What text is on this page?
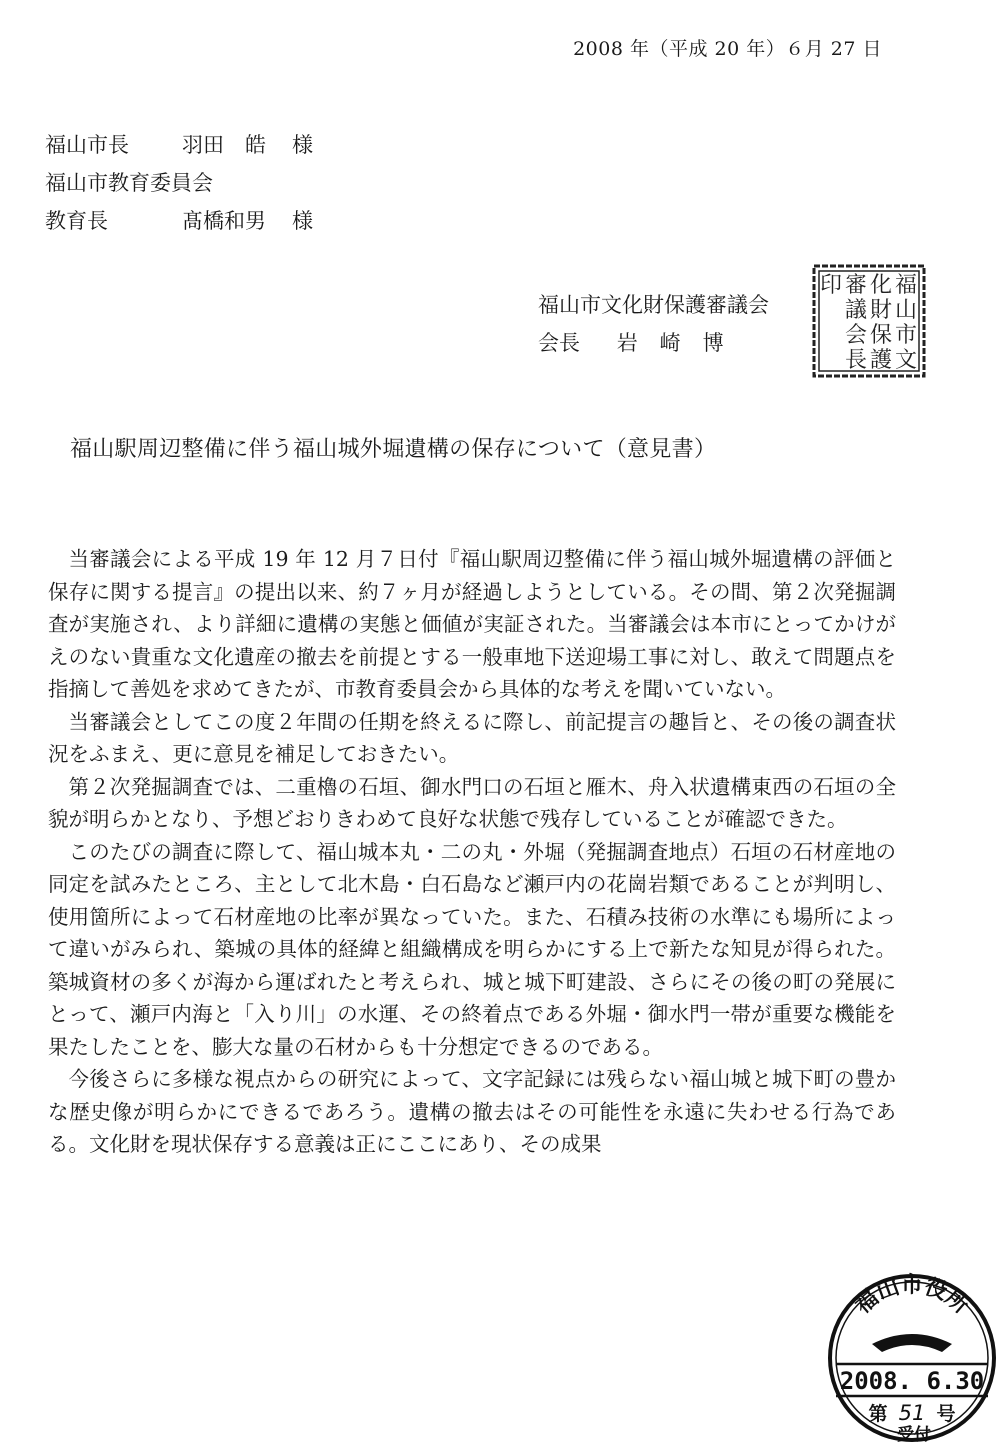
2008 年（平成 20 年）６月 27 日
福山市長	羽田　皓 様
福山市教育委員会
教育長	髙橋和男 様
福山市文化財保護審議会
会長 岩崎博
福
山
市
文
化
財
保
護
審
議
会
長
印
福山駅周辺整備に伴う福山城外堀遺構の保存について（意見書）

当審議会による平成 19 年 12 月７日付『福山駅周辺整備に伴う福山城外堀遺構の評価と保存に関する提言』の提出以来、約７ヶ月が経過しようとしている。その間、第２次発掘調査が実施され、より詳細に遺構の実態と価値が実証された。当審議会は本市にとってかけがえのない貴重な文化遺産の撤去を前提とする一般車地下送迎場工事に対し、敢えて問題点を指摘して善処を求めてきたが、市教育委員会から具体的な考えを聞いていない。

当審議会としてこの度２年間の任期を終えるに際し、前記提言の趣旨と、その後の調査状況をふまえ、更に意見を補足しておきたい。

第２次発掘調査では、二重櫓の石垣、御水門口の石垣と雁木、舟入状遺構東西の石垣の全貌が明らかとなり、予想どおりきわめて良好な状態で残存していることが確認できた。

このたびの調査に際して、福山城本丸・二の丸・外堀（発掘調査地点）石垣の石材産地の同定を試みたところ、主として北木島・白石島など瀬戸内の花崗岩類であることが判明し、使用箇所によって石材産地の比率が異なっていた。また、石積み技術の水準にも場所によって違いがみられ、築城の具体的経緯と組織構成を明らかにする上で新たな知見が得られた。築城資材の多くが海から運ばれたと考えられ、城と城下町建設、さらにその後の町の発展にとって、瀬戸内海と「入り川」の水運、その終着点である外堀・御水門一帯が重要な機能を果たしたことを、膨大な量の石材からも十分想定できるのである。

今後さらに多様な視点からの研究によって、文字記録には残らない福山城と城下町の豊かな歴史像が明らかにできるであろう。遺構の撤去はその可能性を永遠に失わせる行為である。文化財を現状保存する意義は正にここにあり、その成果

福山市役所
2008. 6.30
第 51 号
受付
